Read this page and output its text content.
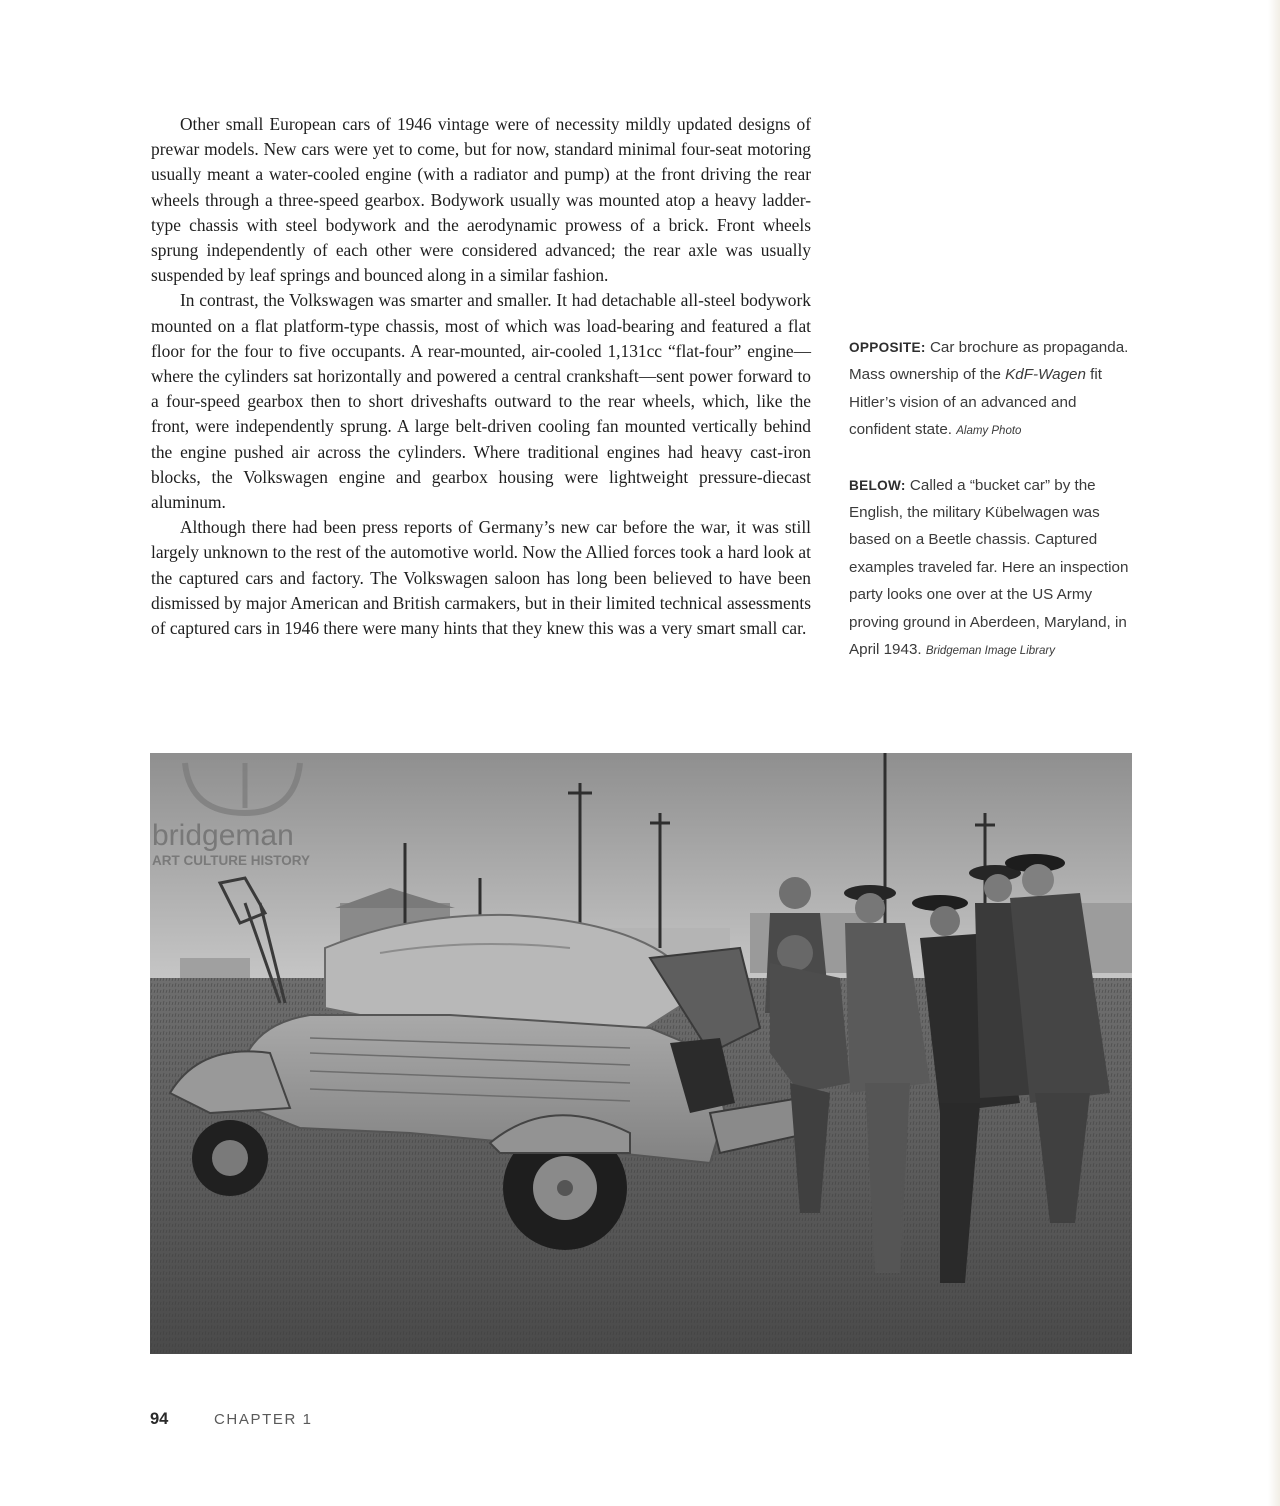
Other small European cars of 1946 vintage were of necessity mildly updated designs of prewar models. New cars were yet to come, but for now, standard minimal four-seat motoring usually meant a water-cooled engine (with a radiator and pump) at the front driving the rear wheels through a three-speed gearbox. Bodywork usually was mounted atop a heavy ladder-type chassis with steel bodywork and the aerodynamic prowess of a brick. Front wheels sprung independently of each other were considered advanced; the rear axle was usually suspended by leaf springs and bounced along in a similar fashion.

In contrast, the Volkswagen was smarter and smaller. It had detachable all-steel bodywork mounted on a flat platform-type chassis, most of which was load-bearing and featured a flat floor for the four to five occupants. A rear-mounted, air-cooled 1,131cc “flat-four” engine—where the cylinders sat horizontally and powered a central crankshaft—sent power forward to a four-speed gearbox then to short driveshafts outward to the rear wheels, which, like the front, were independently sprung. A large belt-driven cooling fan mounted vertically behind the engine pushed air across the cylinders. Where traditional engines had heavy cast-iron blocks, the Volkswagen engine and gearbox housing were lightweight pressure-diecast aluminum.

Although there had been press reports of Germany’s new car before the war, it was still largely unknown to the rest of the automotive world. Now the Allied forces took a hard look at the captured cars and factory. The Volkswagen saloon has long been believed to have been dismissed by major American and British carmakers, but in their limited technical assessments of captured cars in 1946 there were many hints that they knew this was a very smart small car.

OPPOSITE: Car brochure as propaganda. Mass ownership of the KdF-Wagen fit Hitler’s vision of an advanced and confident state. Alamy Photo

BELOW: Called a “bucket car” by the English, the military Kübelwagen was based on a Beetle chassis. Captured examples traveled far. Here an inspection party looks one over at the US Army proving ground in Aberdeen, Maryland, in April 1943. Bridgeman Image Library

bridgeman
ART CULTURE HISTORY
94	CHAPTER 1
